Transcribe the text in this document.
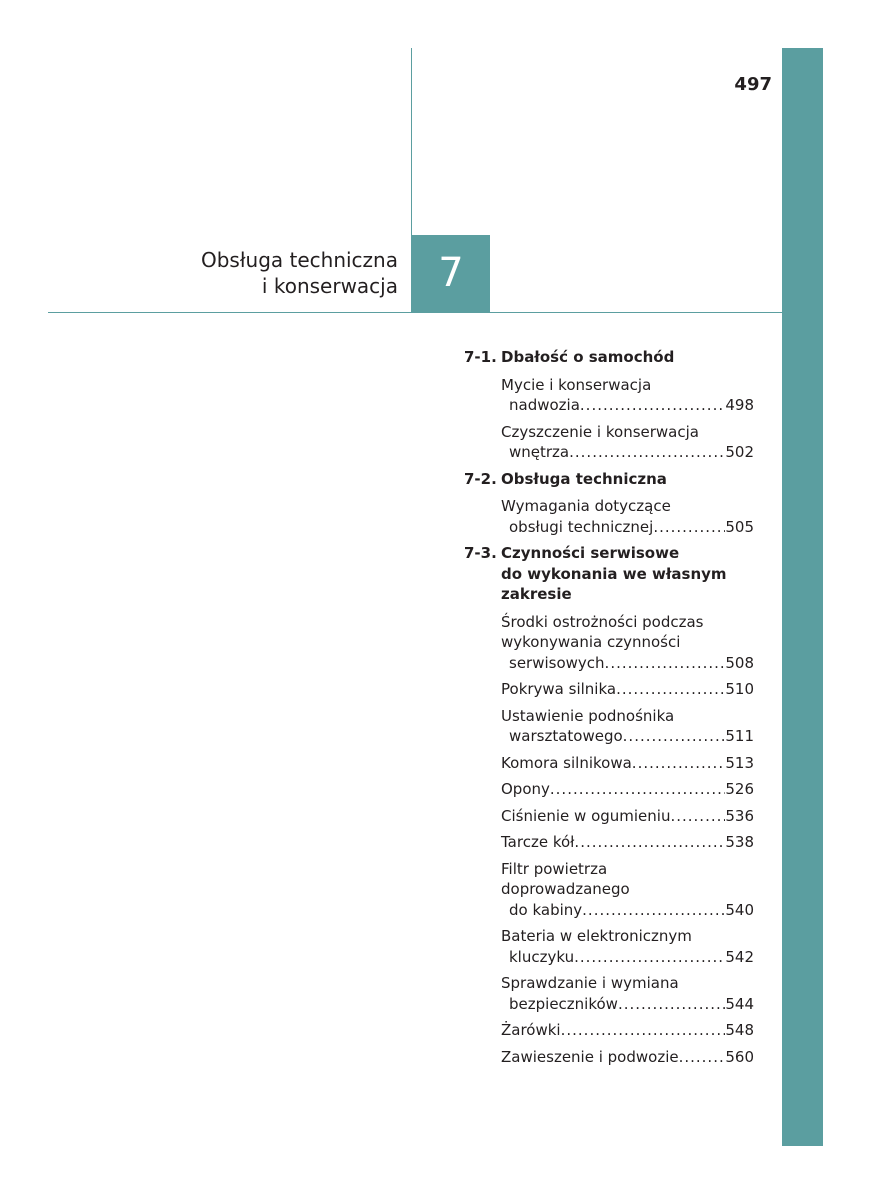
497
Obsługa techniczna
i konserwacja	7
7-1. Dbałość o samochód
Mycie i konserwacja
nadwozia .....	498
Czyszczenie i konserwacja
wnętrza .....	502
7-2. Obsługa techniczna
Wymagania dotyczące
obsługi technicznej .....	505
7-3. Czynności serwisowe
do wykonania we własnym
zakresie
Środki ostrożności podczas
wykonywania czynności
serwisowych .....	508
Pokrywa silnika .....	510
Ustawienie podnośnika
warsztatowego .....	511
Komora silnikowa .....	513
Opony .....	526
Ciśnienie w ogumieniu .....	536
Tarcze kół .....	538
Filtr powietrza
doprowadzanego
do kabiny .....	540
Bateria w elektronicznym
kluczyku .....	542
Sprawdzanie i wymiana
bezpieczników .....	544
Żarówki .....	548
Zawieszenie i podwozie .....	560
